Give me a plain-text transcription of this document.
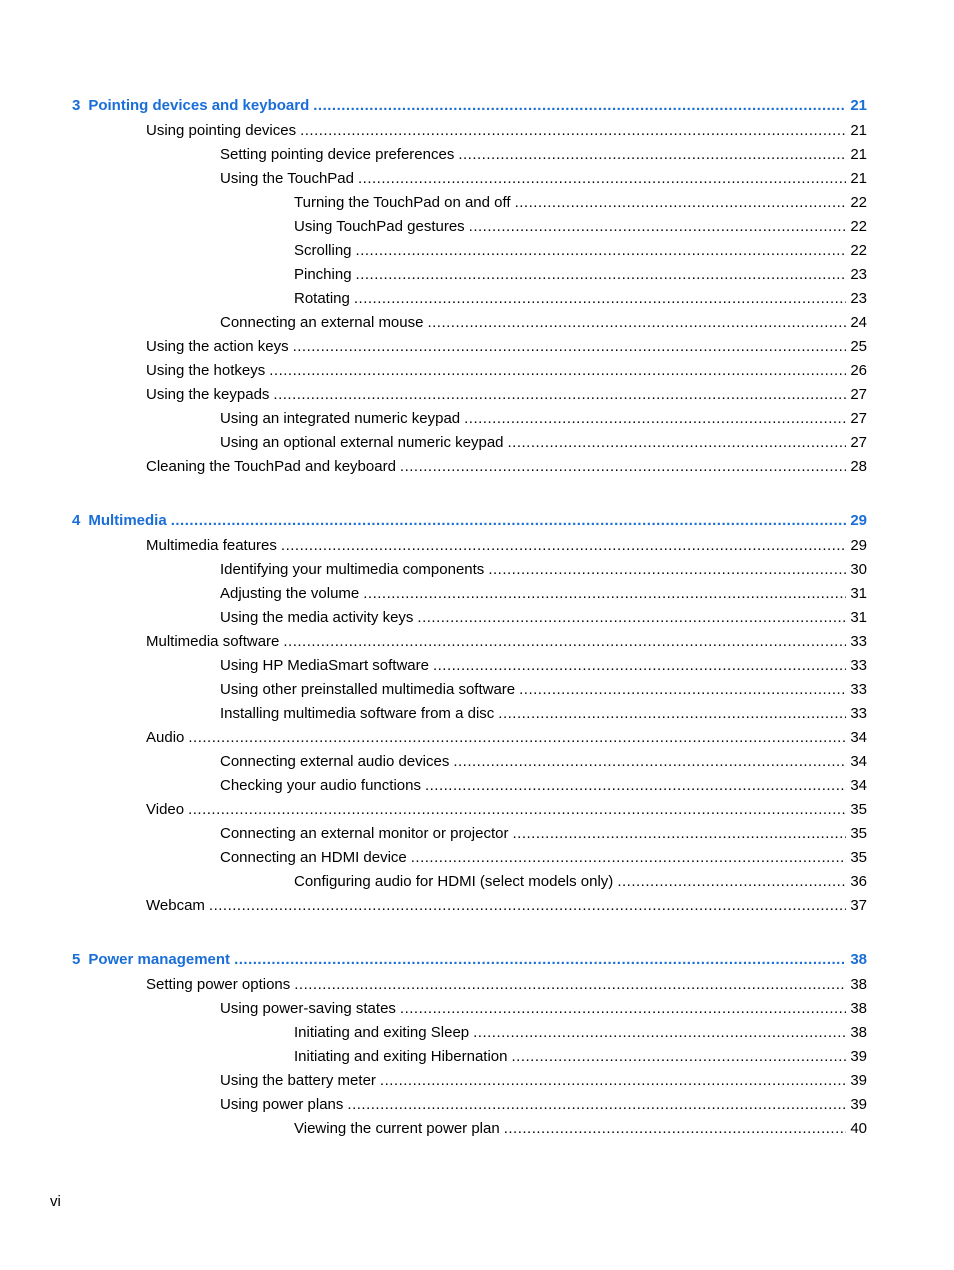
3 Pointing devices and keyboard .....	21
Using pointing devices .....	21
Setting pointing device preferences .....	21
Using the TouchPad .....	21
Turning the TouchPad on and off .....	22
Using TouchPad gestures .....	22
Scrolling .....	22
Pinching .....	23
Rotating .....	23
Connecting an external mouse .....	24
Using the action keys .....	25
Using the hotkeys .....	26
Using the keypads .....	27
Using an integrated numeric keypad .....	27
Using an optional external numeric keypad .....	27
Cleaning the TouchPad and keyboard .....	28
4 Multimedia .....	29
Multimedia features .....	29
Identifying your multimedia components .....	30
Adjusting the volume .....	31
Using the media activity keys .....	31
Multimedia software .....	33
Using HP MediaSmart software .....	33
Using other preinstalled multimedia software .....	33
Installing multimedia software from a disc .....	33
Audio .....	34
Connecting external audio devices .....	34
Checking your audio functions .....	34
Video .....	35
Connecting an external monitor or projector .....	35
Connecting an HDMI device .....	35
Configuring audio for HDMI (select models only) .....	36
Webcam .....	37
5 Power management .....	38
Setting power options .....	38
Using power-saving states .....	38
Initiating and exiting Sleep .....	38
Initiating and exiting Hibernation .....	39
Using the battery meter .....	39
Using power plans .....	39
Viewing the current power plan .....	40
vi
